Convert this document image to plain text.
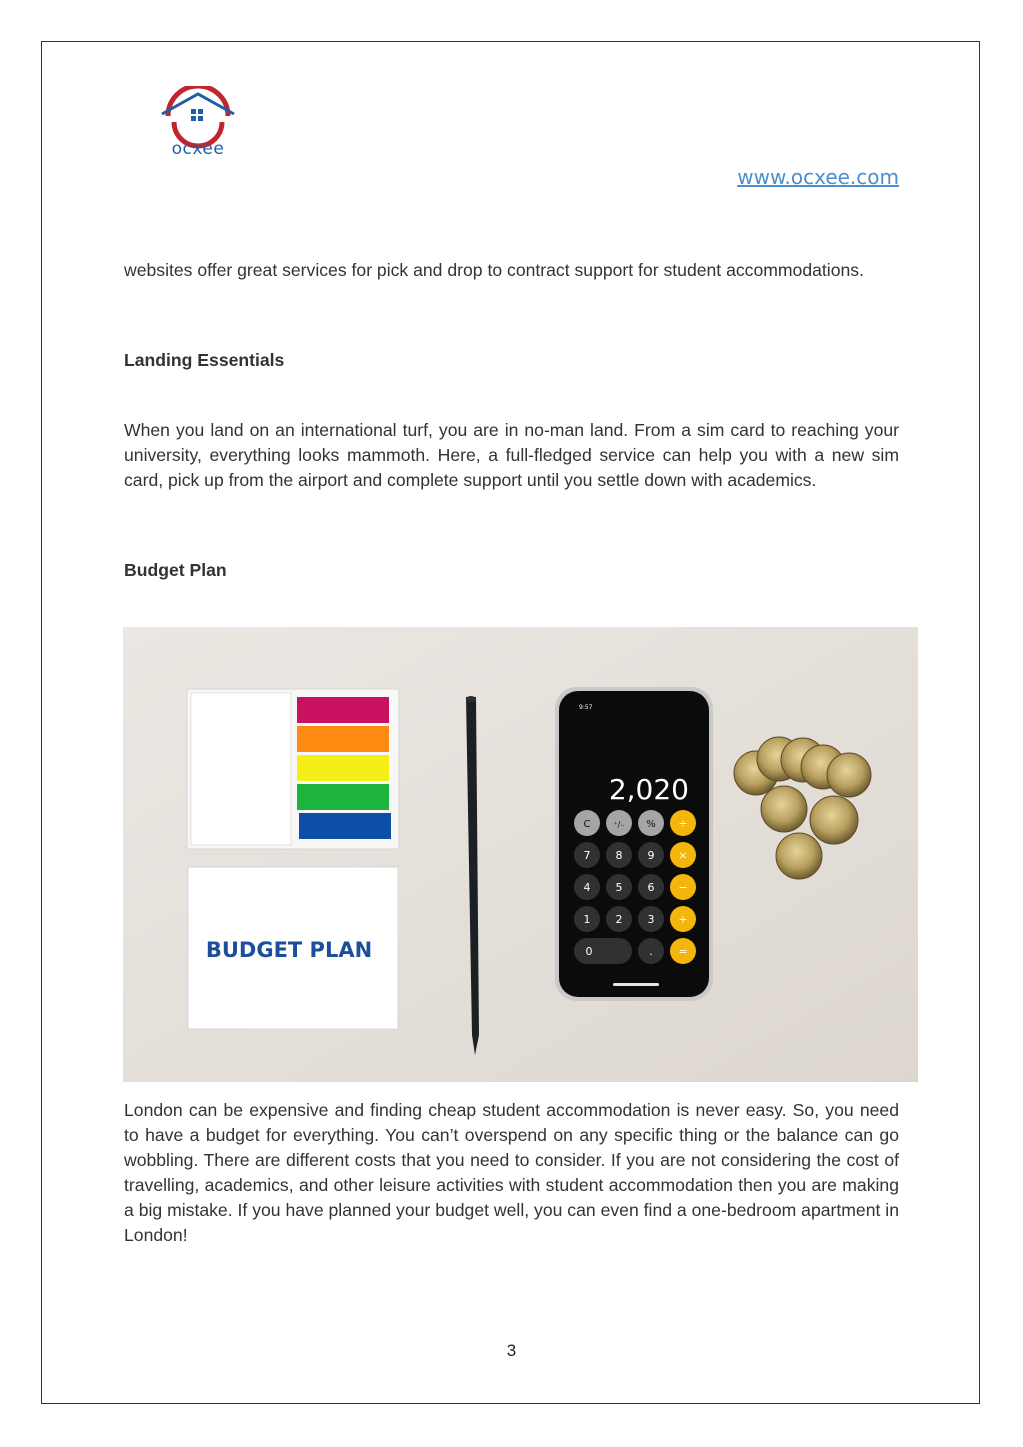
ocxee
www.ocxee.com
websites offer great services for pick and drop to contract support for student accommodations.
Landing Essentials
When you land on an international turf, you are in no-man land. From a sim card to reaching your university, everything looks mammoth. Here, a full-fledged service can help you with a new sim card, pick up from the airport and complete support until you settle down with academics.
Budget Plan
BUDGET PLAN
9:57
2,020
C	⁺∕₋ % ÷
7 8 9 ×
4 5 6 −
1 2 3 +
0	. =
London can be expensive and finding cheap student accommodation is never easy. So, you need to have a budget for everything. You can’t overspend on any specific thing or the balance can go wobbling. There are different costs that you need to consider. If you are not considering the cost of travelling, academics, and other leisure activities with student accommodation then you are making a big mistake. If you have planned your budget well, you can even find a one-bedroom apartment in London!
3
